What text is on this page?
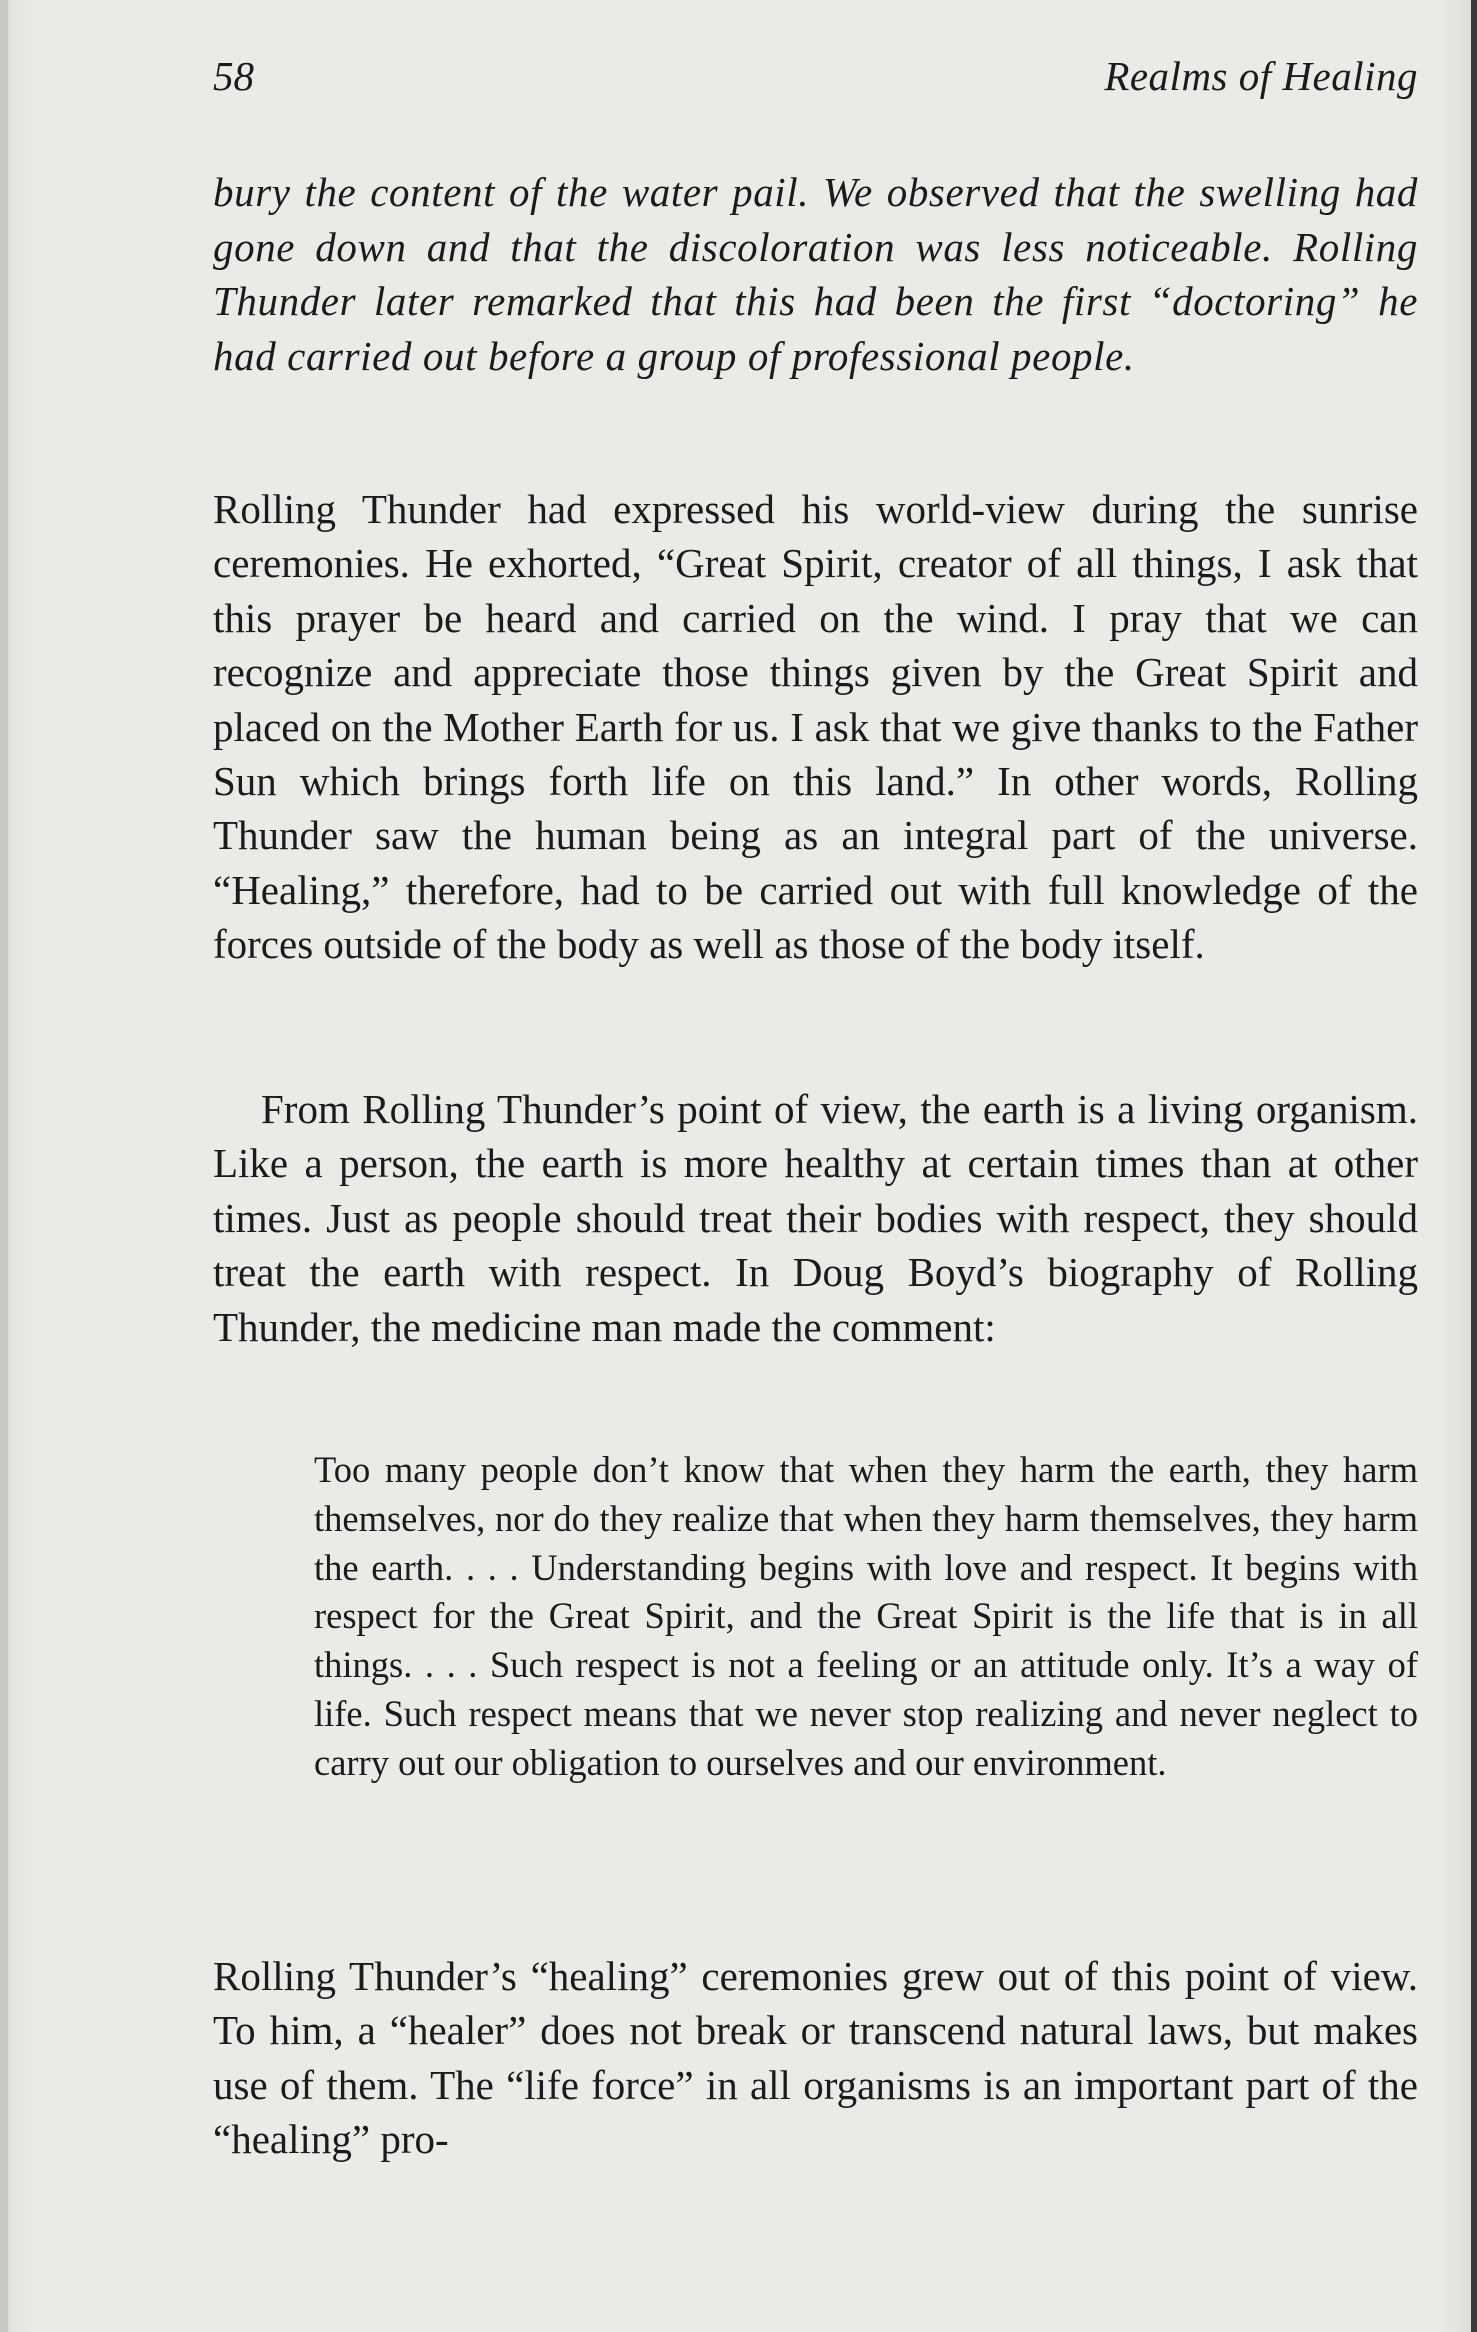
58	Realms of Healing

bury the content of the water pail. We observed that the swelling had gone down and that the discoloration was less noticeable. Rolling Thunder later remarked that this had been the first “doctoring” he had carried out before a group of professional people.

Rolling Thunder had expressed his world-view during the sunrise ceremonies. He exhorted, “Great Spirit, creator of all things, I ask that this prayer be heard and carried on the wind. I pray that we can recognize and appreciate those things given by the Great Spirit and placed on the Mother Earth for us. I ask that we give thanks to the Father Sun which brings forth life on this land.” In other words, Rolling Thunder saw the human being as an integral part of the universe. “Healing,” therefore, had to be carried out with full knowledge of the forces outside of the body as well as those of the body itself.

From Rolling Thunder’s point of view, the earth is a living organism. Like a person, the earth is more healthy at certain times than at other times. Just as people should treat their bodies with respect, they should treat the earth with respect. In Doug Boyd’s biography of Rolling Thunder, the medicine man made the comment:

Too many people don’t know that when they harm the earth, they harm themselves, nor do they realize that when they harm themselves, they harm the earth. . . . Understanding begins with love and respect. It begins with respect for the Great Spirit, and the Great Spirit is the life that is in all things. . . . Such respect is not a feeling or an attitude only. It’s a way of life. Such respect means that we never stop realizing and never neglect to carry out our obligation to ourselves and our environment.

Rolling Thunder’s “healing” ceremonies grew out of this point of view. To him, a “healer” does not break or transcend natural laws, but makes use of them. The “life force” in all organisms is an important part of the “healing” pro-
